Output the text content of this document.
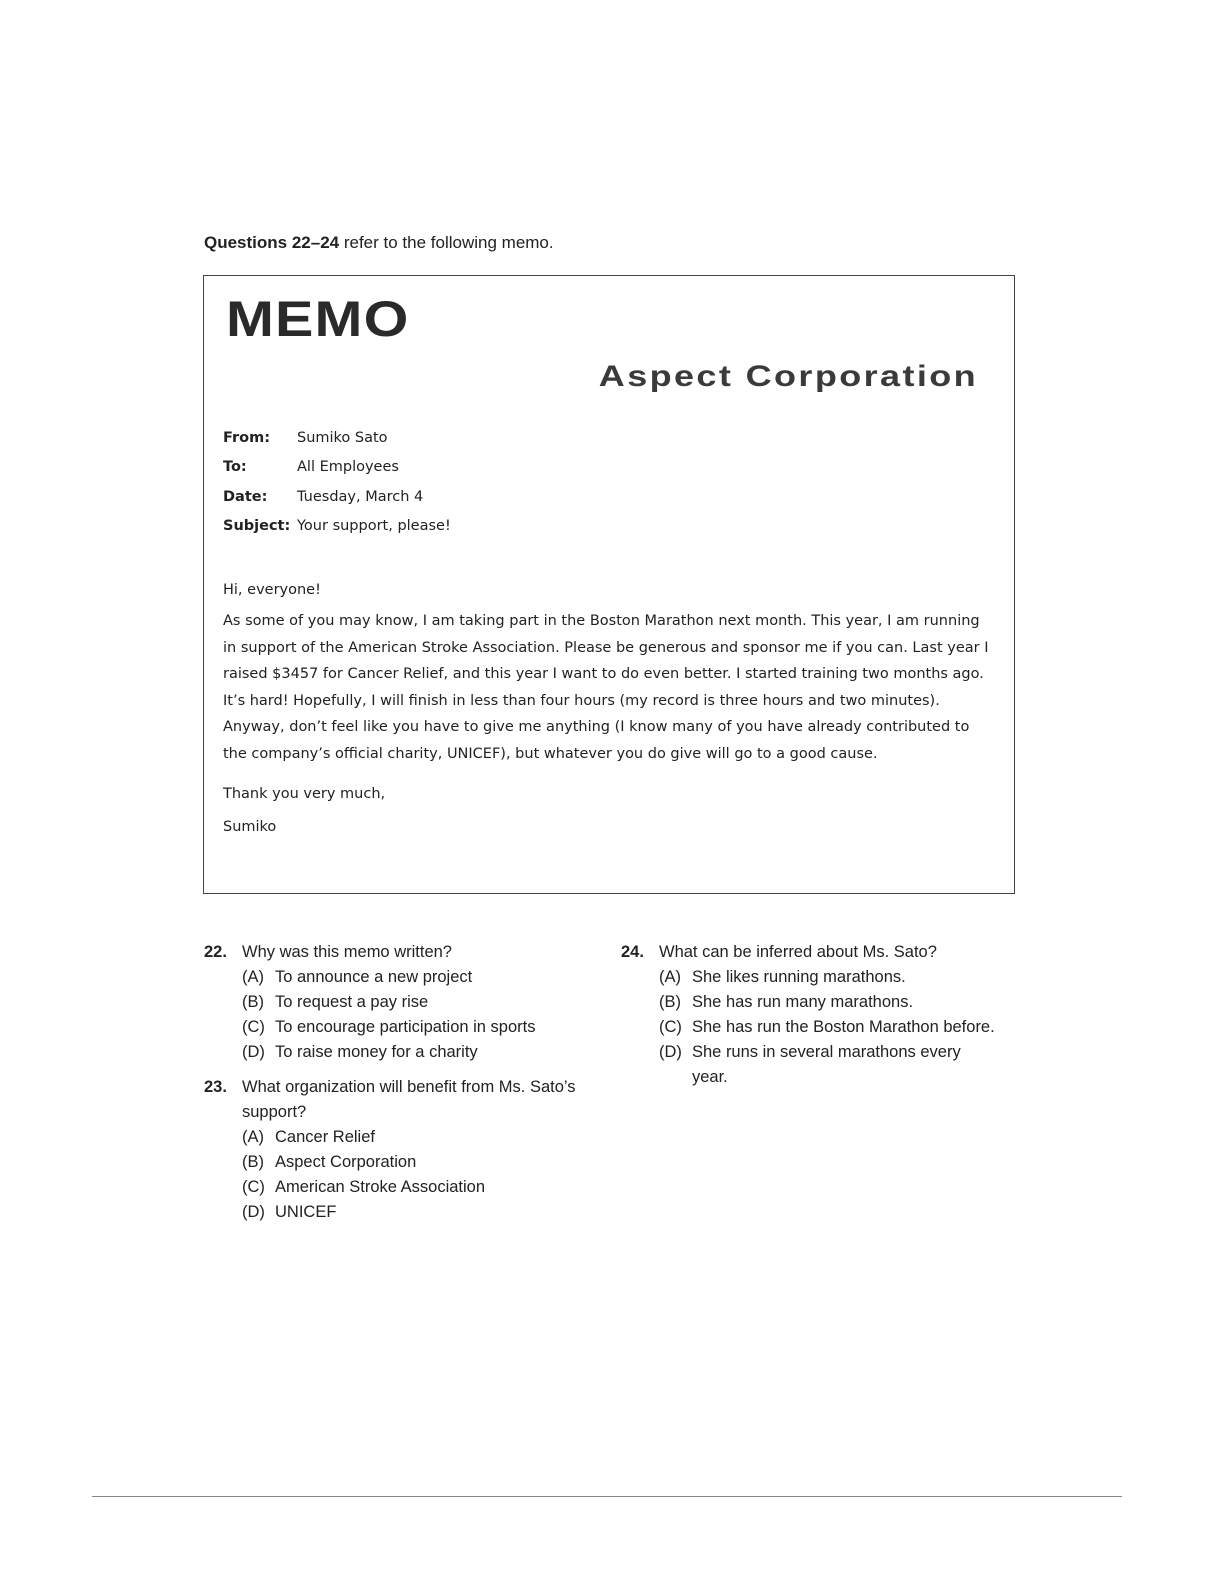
Questions 22–24 refer to the following memo.
MEMO
Aspect Corporation
From:	Sumiko Sato
To:	All Employees
Date:	Tuesday, March 4
Subject: Your support, please!

Hi, everyone!

As some of you may know, I am taking part in the Boston Marathon next month. This year, I am running in support of the American Stroke Association. Please be generous and sponsor me if you can. Last year I raised $3457 for Cancer Relief, and this year I want to do even better. I started training two months ago. It’s hard! Hopefully, I will finish in less than four hours (my record is three hours and two minutes). Anyway, don’t feel like you have to give me anything (I know many of you have already contributed to the company’s official charity, UNICEF), but whatever you do give will go to a good cause.

Thank you very much,

Sumiko

22. Why was this memo written?
(A) To announce a new project
(B) To request a pay rise
(C) To encourage participation in sports
(D) To raise money for a charity
23. What organization will benefit from Ms. Sato’s support?
(A) Cancer Relief
(B) Aspect Corporation
(C) American Stroke Association
(D) UNICEF
24. What can be inferred about Ms. Sato?
(A) She likes running marathons.
(B) She has run many marathons.
(C) She has run the Boston Marathon before.
(D) She runs in several marathons every year.
